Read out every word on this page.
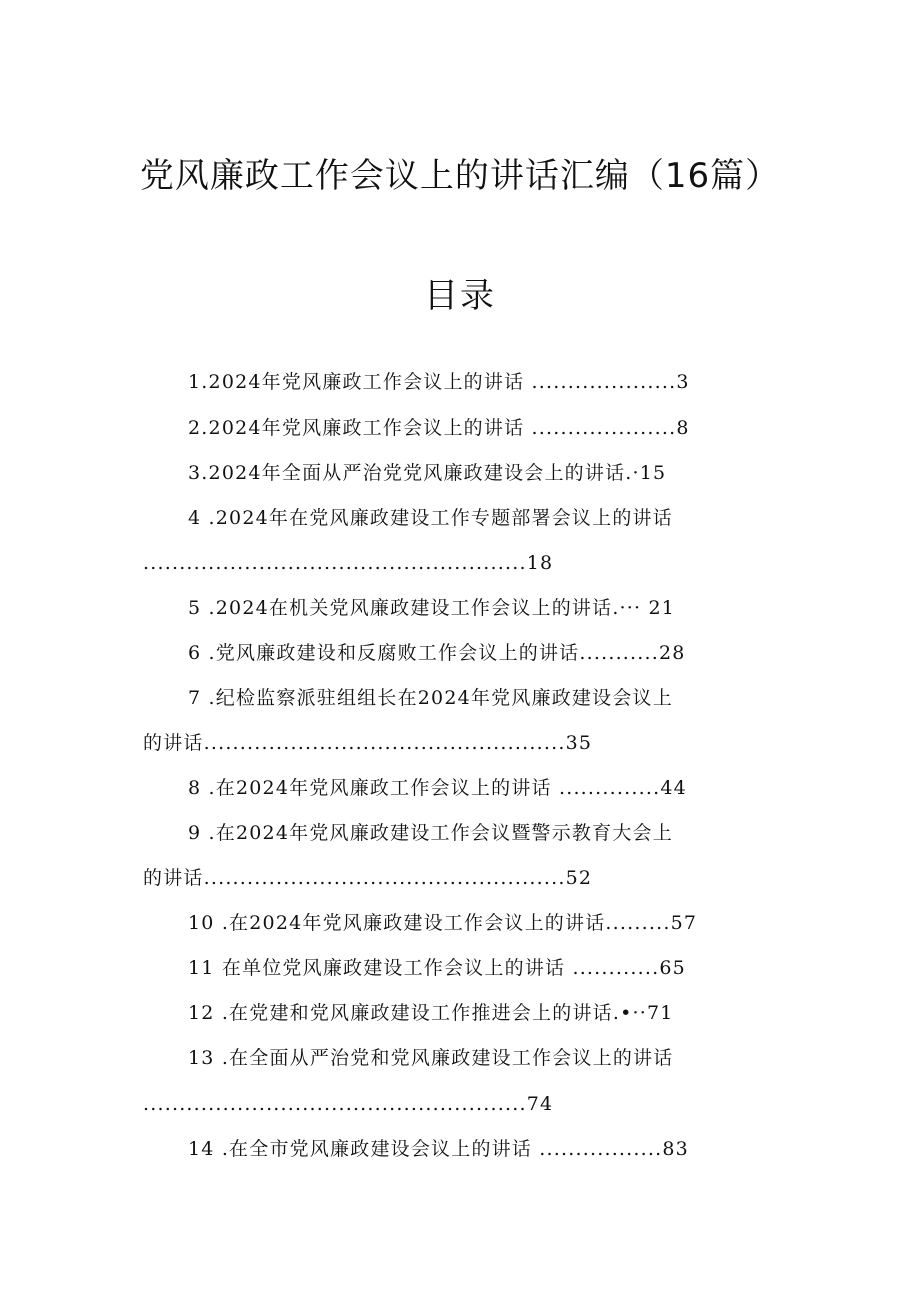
党风廉政工作会议上的讲话汇编（16篇）
目录
1.2024年党风廉政工作会议上的讲话 ....................3
2.2024年党风廉政工作会议上的讲话 ....................8
3.2024年全面从严治党党风廉政建设会上的讲话.·15
4 .2024年在党风廉政建设工作专题部署会议上的讲话
.....................................................18
5 .2024在机关党风廉政建设工作会议上的讲话.··· 21
6 .党风廉政建设和反腐败工作会议上的讲话...........28
7 .纪检监察派驻组组长在2024年党风廉政建设会议上
的讲话..................................................35
8 .在2024年党风廉政工作会议上的讲话 ..............44
9 .在2024年党风廉政建设工作会议暨警示教育大会上
的讲话..................................................52
10 .在2024年党风廉政建设工作会议上的讲话.........57
11 在单位党风廉政建设工作会议上的讲话 ............65
12 .在党建和党风廉政建设工作推进会上的讲话.•··71
13 .在全面从严治党和党风廉政建设工作会议上的讲话
.....................................................74
14 .在全市党风廉政建设会议上的讲话 .................83
